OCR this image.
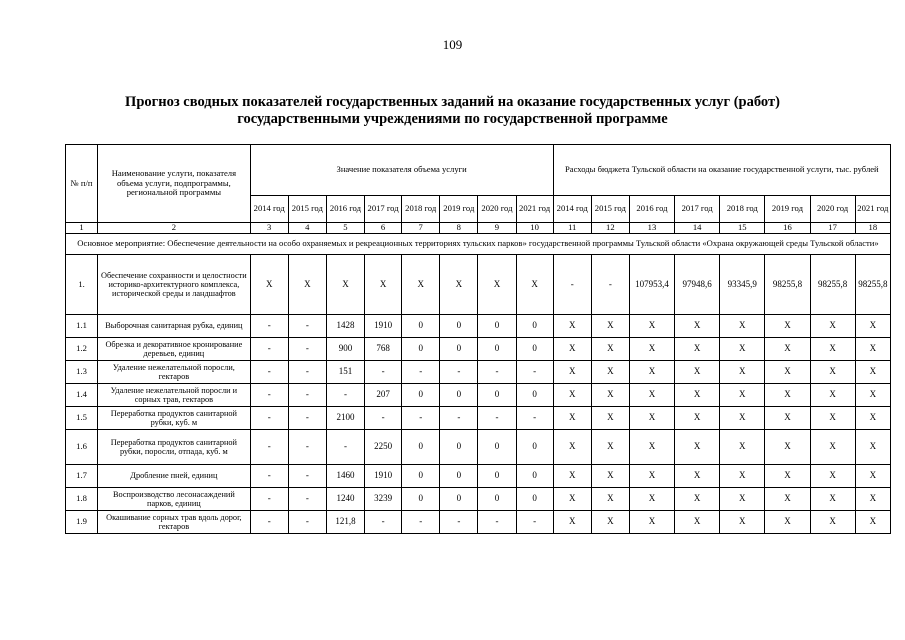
109
Прогноз сводных показателей государственных заданий на оказание государственных услуг (работ)
государственными учреждениями по государственной программе
№ п/п	Наименование услуги, показателя объема услуги, подпрограммы, региональной программы	Значение показателя объема услуги								Расходы бюджета Тульской области на оказание государственной услуги, тыс. рублей							
		2014 год	2015 год	2016 год	2017 год	2018 год	2019 год	2020 год	2021 год	2014 год	2015 год	2016 год	2017 год	2018 год	2019 год	2020 год	2021 год
1	2	3	4	5	6	7	8	9	10	11	12	13	14	15	16	17	18
Основное мероприятие: Обеспечение деятельности на особо охраняемых и рекреационных территориях тульских парков» государственной программы Тульской области «Охрана окружающей среды Тульской области»																	
1.	Обеспечение сохранности и целостности историко-архитектурного комплекса, исторической среды и ландшафтов	X	X	X	X	X	X	X	X	-	-	107953,4	97948,6	93345,9	98255,8	98255,8	98255,8
1.1	Выборочная санитарная рубка, единиц	-	-	1428	1910	0	0	0	0	X	X	X	X	X	X	X	X
1.2	Обрезка и декоративное кронирование деревьев, единиц	-	-	900	768	0	0	0	0	X	X	X	X	X	X	X	X
1.3	Удаление нежелательной поросли, гектаров	-	-	151	-	-	-	-	-	X	X	X	X	X	X	X	X
1.4	Удаление нежелательной поросли и сорных трав, гектаров	-	-	-	207	0	0	0	0	X	X	X	X	X	X	X	X
1.5	Переработка продуктов санитарной рубки, куб. м	-	-	2100	-	-	-	-	-	X	X	X	X	X	X	X	X
1.6	Переработка продуктов санитарной рубки, поросли, отпада, куб. м	-	-	-	2250	0	0	0	0	X	X	X	X	X	X	X	X
1.7	Дробление пней, единиц	-	-	1460	1910	0	0	0	0	X	X	X	X	X	X	X	X
1.8	Воспроизводство лесонасаждений парков, единиц	-	-	1240	3239	0	0	0	0	X	X	X	X	X	X	X	X
1.9	Окашивание сорных трав вдоль дорог, гектаров	-	-	121,8	-	-	-	-	-	X	X	X	X	X	X	X	X
